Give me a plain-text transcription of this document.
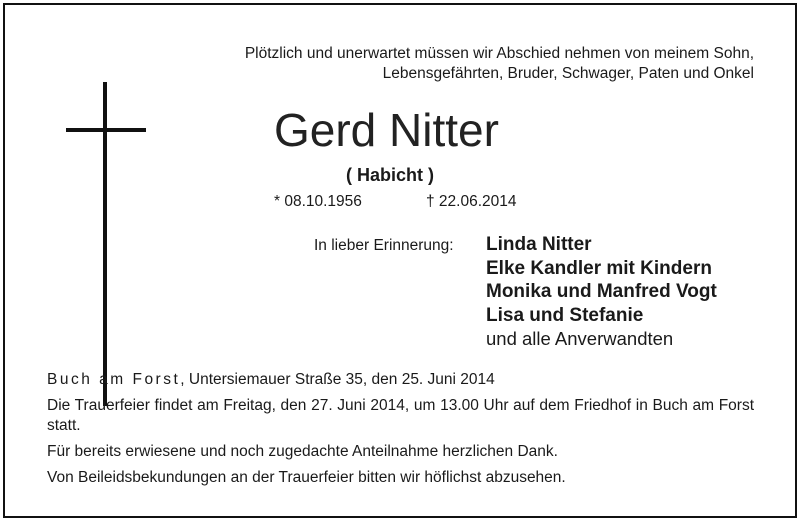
Plötzlich und unerwartet müssen wir Abschied nehmen von meinem Sohn,
Lebensgefährten, Bruder, Schwager, Paten und Onkel
Gerd Nitter
( Habicht )
* 08.10.1956	† 22.06.2014
In lieber Erinnerung: Linda Nitter
Elke Kandler mit Kindern
Monika und Manfred Vogt
Lisa und Stefanie
und alle Anverwandten

Buch am Forst, Untersiemauer Straße 35, den 25. Juni 2014

Die Trauerfeier findet am Freitag, den 27. Juni 2014, um 13.00 Uhr auf dem Friedhof in Buch am Forst statt.

Für bereits erwiesene und noch zugedachte Anteilnahme herzlichen Dank.

Von Beileidsbekundungen an der Trauerfeier bitten wir höflichst abzusehen.
